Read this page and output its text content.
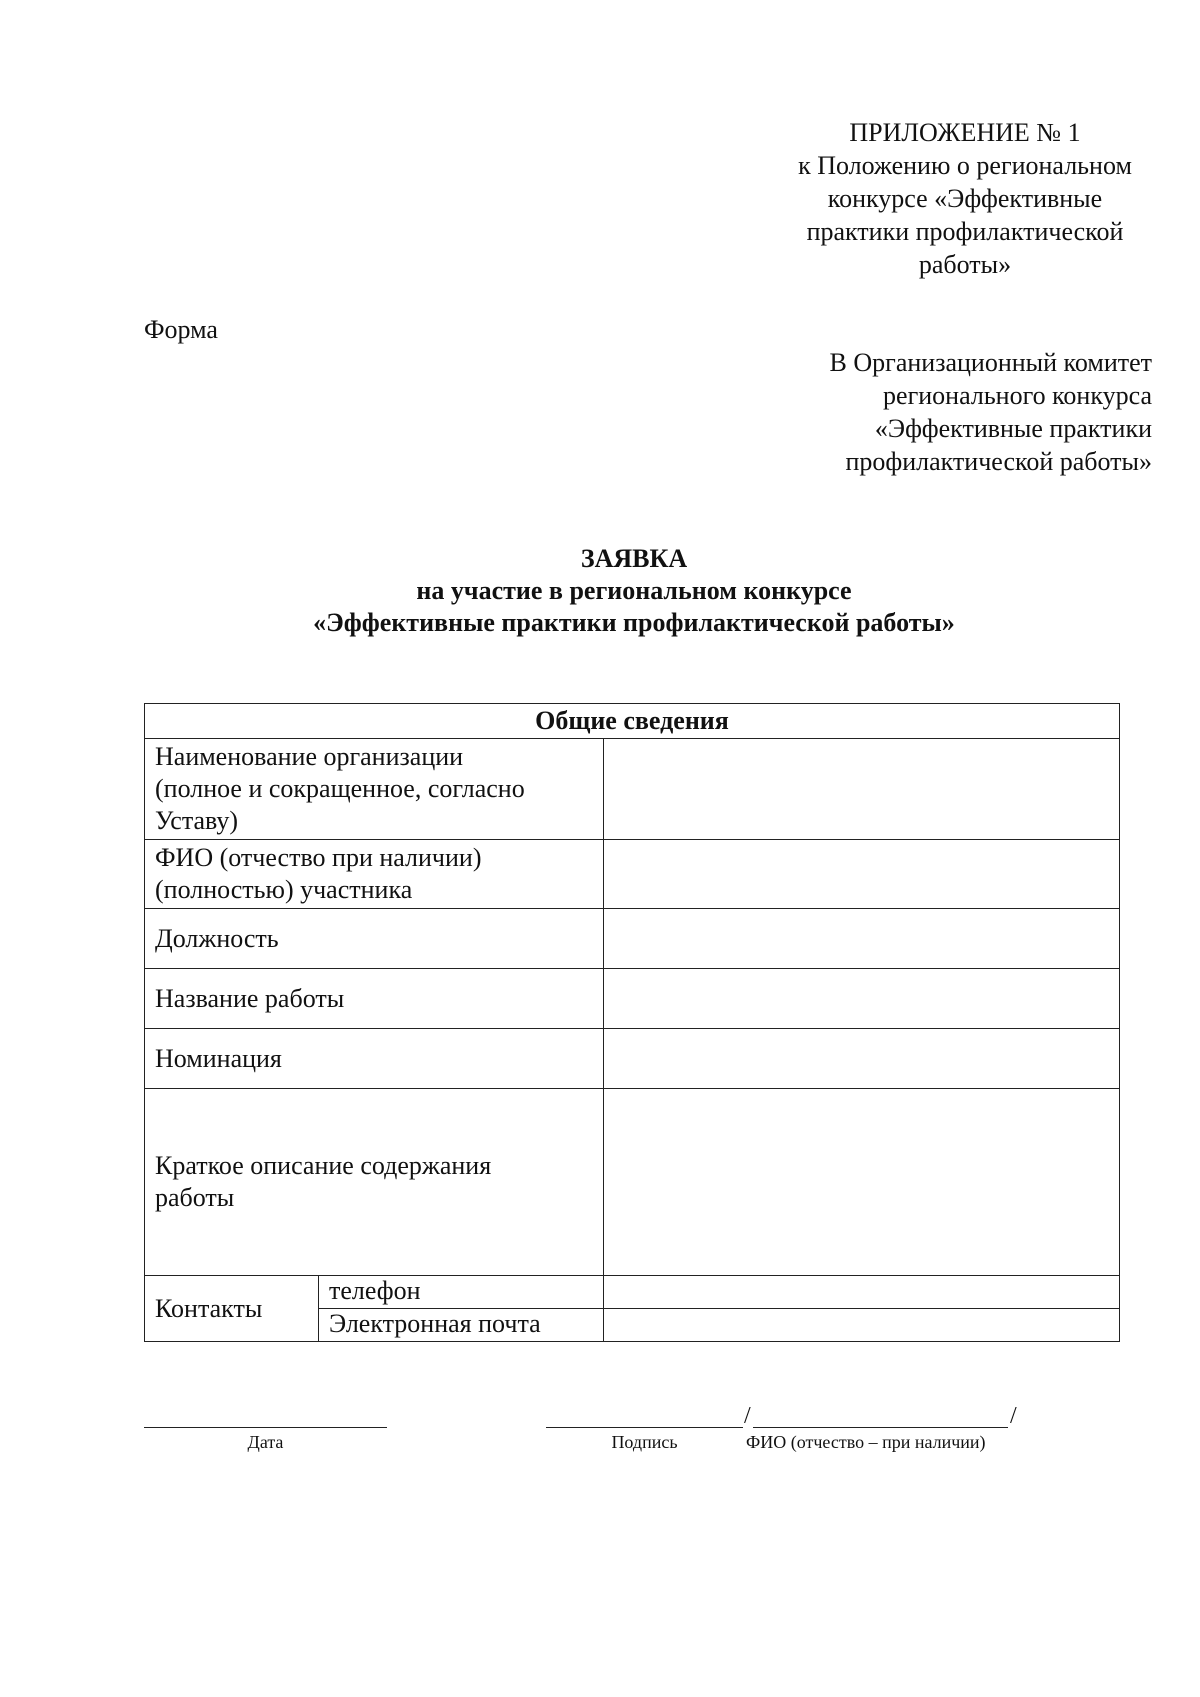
ПРИЛОЖЕНИЕ № 1
к Положению о региональном
конкурсе «Эффективные
практики профилактической
работы»
Форма
В Организационный комитет
регионального конкурса
«Эффективные практики
профилактической работы»
ЗАЯВКА
на участие в региональном конкурсе
«Эффективные практики профилактической работы»
Общие сведения		

Наименование организации
(полное и сокращенное, согласно
Уставу)		

ФИО (отчество при наличии)
(полностью) участника		

Должность		

Название работы		

Номинация		

Краткое описание содержания
работы		

Контакты	телефон	
	Электронная почта	
Дата
/	/
Подпись	ФИО (отчество – при наличии)
